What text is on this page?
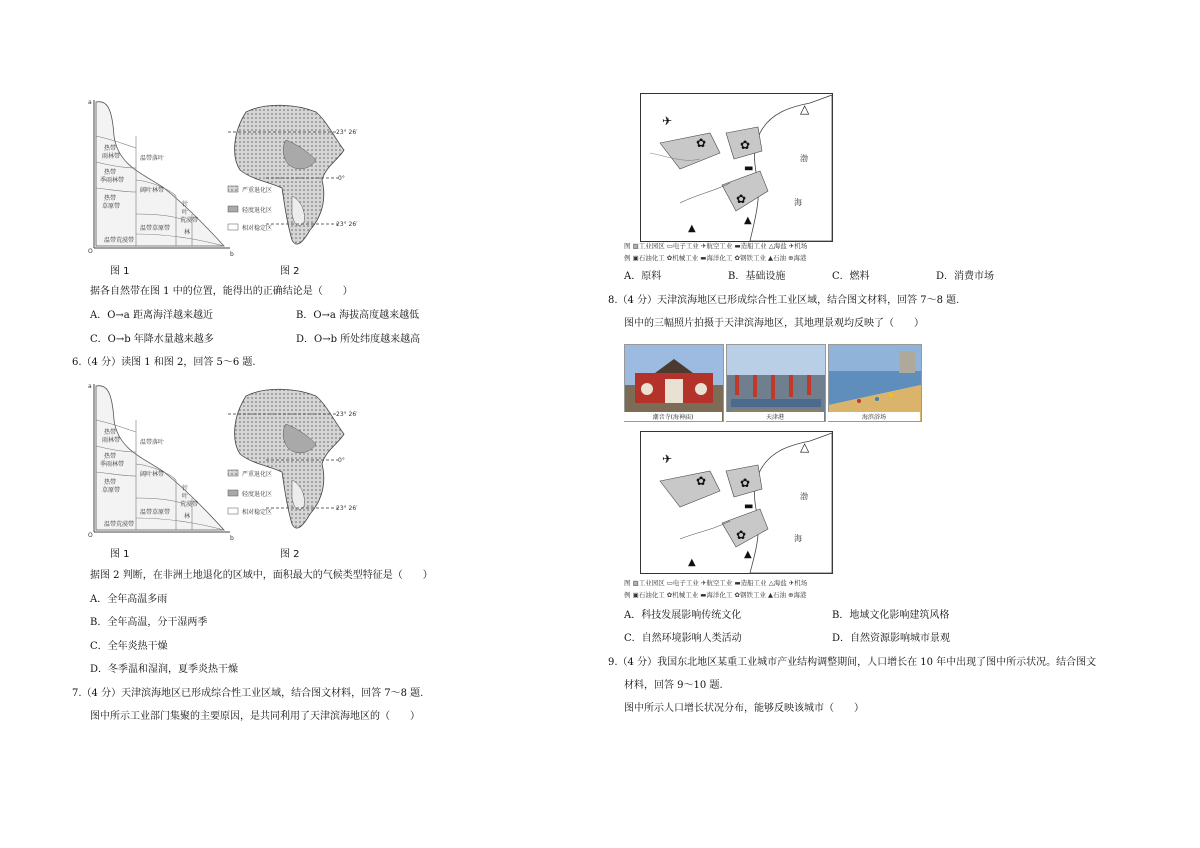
a
O	b
热带
雨林带
热带
季雨林带
热带
草原带
温带落叶
阔叶林带
温带草原带
荒漠带
针
叶
林
温带荒漠带
23° 26′
0°
23° 26′
严重退化区
轻度退化区
相对稳定区
图 1	图 2
据各自然带在图 1 中的位置，能得出的正确结论是（　　）
A．O→a 距离海洋越来越近	B．O→a 海拔高度越来越低
C．O→b 年降水量越来越多	D．O→b 所处纬度越来越高
6.（4 分）读图 1 和图 2，回答 5～6 题.
a
O	b
热带
雨林带
热带
季雨林带
热带
草原带
温带落叶
阔叶林带
温带草原带
荒漠带
针
叶
林
温带荒漠带
23° 26′
0°
23° 26′
严重退化区
轻度退化区
相对稳定区
图 1	图 2
据图 2 判断，在非洲土地退化的区域中，面积最大的气候类型特征是（　　）
A．全年高温多雨
B．全年高温，分干湿两季
C．全年炎热干燥
D．冬季温和湿润，夏季炎热干燥
7.（4 分）天津滨海地区已形成综合性工业区域，结合图文材料，回答 7～8 题.
图中所示工业部门集聚的主要原因，是共同利用了天津滨海地区的（　　）
✈
✿	✿
✿
△
▬
▲
▲
渤
海
图 ▨工业园区 ▭电子工业 ✈航空工业 ▬造船工业 △海盐 ✈机场
例 ▣石油化工 ✿机械工业 ▬海洋化工 ✿钢铁工业 ▲石油 ⊕海港
A．原料	B．基础设施	C．燃料	D．消费市场
8.（4 分）天津滨海地区已形成综合性工业区域，结合图文材料，回答 7～8 题.
图中的三幅照片拍摄于天津滨海地区，其地理景观均反映了（　　）
潮音寺(海神庙)	天津港	海滨浴场
✈
✿	✿
✿
△
▬
▲
▲
渤
海
图 ▨工业园区 ▭电子工业 ✈航空工业 ▬造船工业 △海盐 ✈机场
例 ▣石油化工 ✿机械工业 ▬海洋化工 ✿钢铁工业 ▲石油 ⊕海港
A．科技发展影响传统文化	B．地域文化影响建筑风格
C．自然环境影响人类活动	D．自然资源影响城市景观
9.（4 分）我国东北地区某重工业城市产业结构调整期间，人口增长在 10 年中出现了图中所示状况。结合图文
材料，回答 9～10 题.
图中所示人口增长状况分布，能够反映该城市（　　）
